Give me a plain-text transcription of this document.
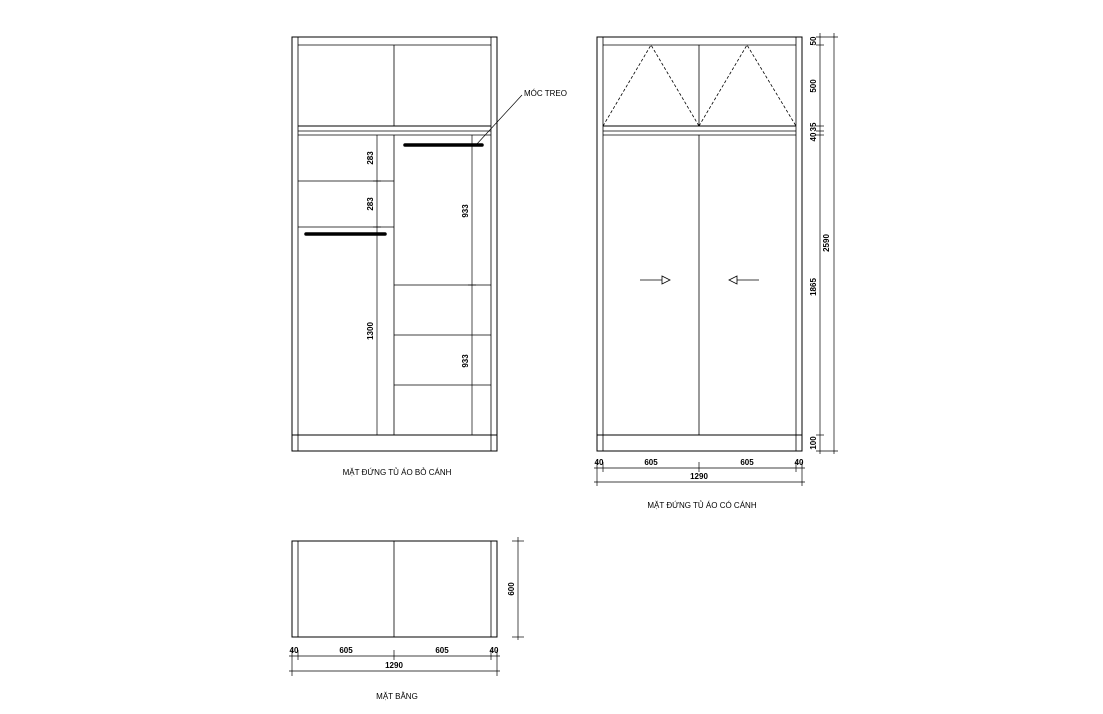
MÓC TREO
283
283
1300
933
933
MẶT ĐỨNG TỦ ÁO BỎ CÁNH
40	605	605	40
1290
50
500
40
35
1865
100
2590
MẶT ĐỨNG TỦ ÁO CÓ CÁNH
600
40	605	605	40
1290
MẶT BẰNG
